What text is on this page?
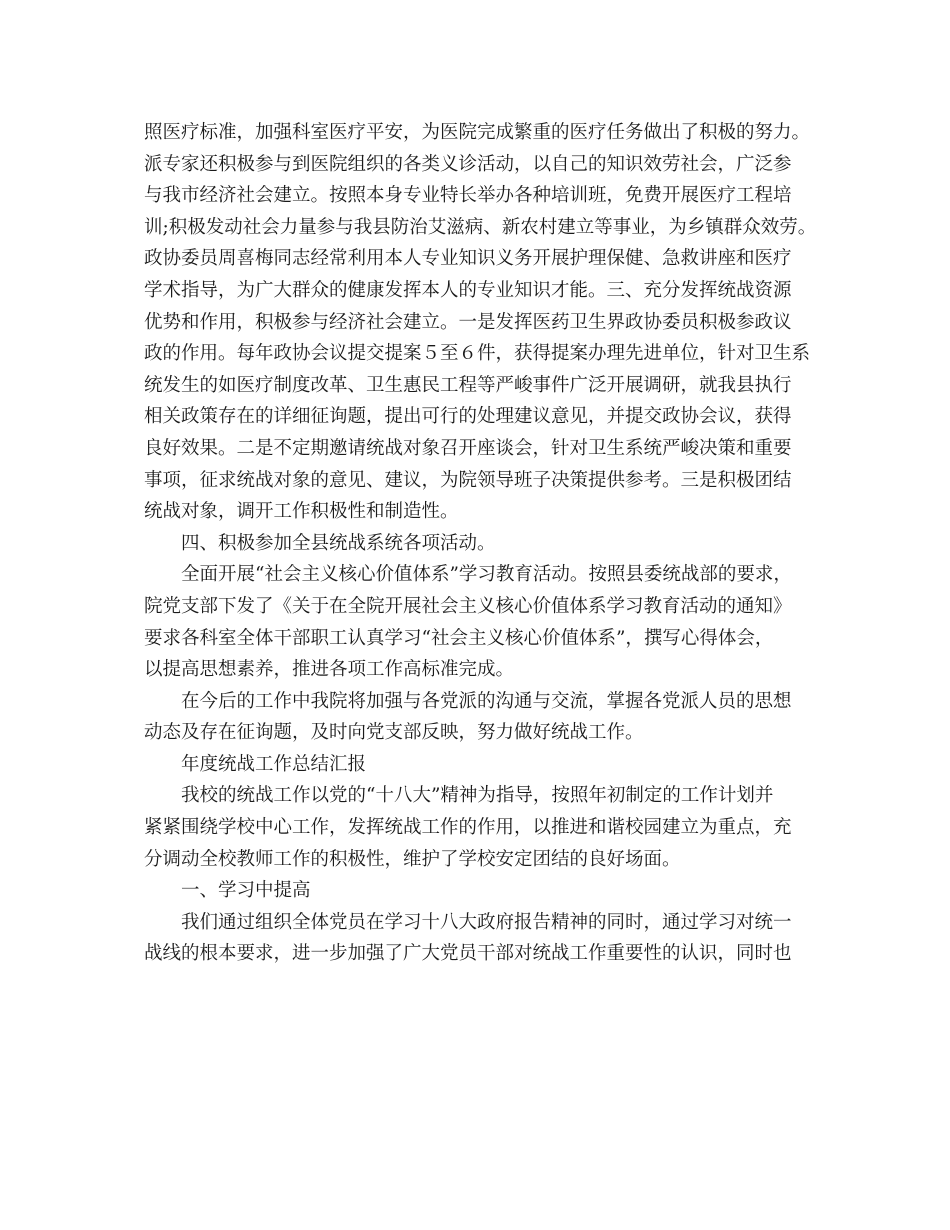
照医疗标准，加强科室医疗平安，为医院完成繁重的医疗任务做出了积极的努力。
派专家还积极参与到医院组织的各类义诊活动，以自己的知识效劳社会，广泛参
与我市经济社会建立。按照本身专业特长举办各种培训班，免费开展医疗工程培
训;积极发动社会力量参与我县防治艾滋病、新农村建立等事业，为乡镇群众效劳。
政协委员周喜梅同志经常利用本人专业知识义务开展护理保健、急救讲座和医疗
学术指导，为广大群众的健康发挥本人的专业知识才能。三、充分发挥统战资源
优势和作用，积极参与经济社会建立。一是发挥医药卫生界政协委员积极参政议
政的作用。每年政协会议提交提案５至６件，获得提案办理先进单位，针对卫生系
统发生的如医疗制度改革、卫生惠民工程等严峻事件广泛开展调研，就我县执行
相关政策存在的详细征询题，提出可行的处理建议意见，并提交政协会议，获得
良好效果。二是不定期邀请统战对象召开座谈会，针对卫生系统严峻决策和重要
事项，征求统战对象的意见、建议，为院领导班子决策提供参考。三是积极团结
统战对象，调开工作积极性和制造性。
四、积极参加全县统战系统各项活动。
全面开展“社会主义核心价值体系”学习教育活动。按照县委统战部的要求，
院党支部下发了《关于在全院开展社会主义核心价值体系学习教育活动的通知》
要求各科室全体干部职工认真学习“社会主义核心价值体系”，撰写心得体会，
以提高思想素养，推进各项工作高标准完成。
在今后的工作中我院将加强与各党派的沟通与交流，掌握各党派人员的思想
动态及存在征询题，及时向党支部反映，努力做好统战工作。
年度统战工作总结汇报
我校的统战工作以党的“十八大”精神为指导，按照年初制定的工作计划并
紧紧围绕学校中心工作，发挥统战工作的作用，以推进和谐校园建立为重点，充
分调动全校教师工作的积极性，维护了学校安定团结的良好场面。
一、学习中提高
我们通过组织全体党员在学习十八大政府报告精神的同时，通过学习对统一
战线的根本要求，进一步加强了广大党员干部对统战工作重要性的认识，同时也
